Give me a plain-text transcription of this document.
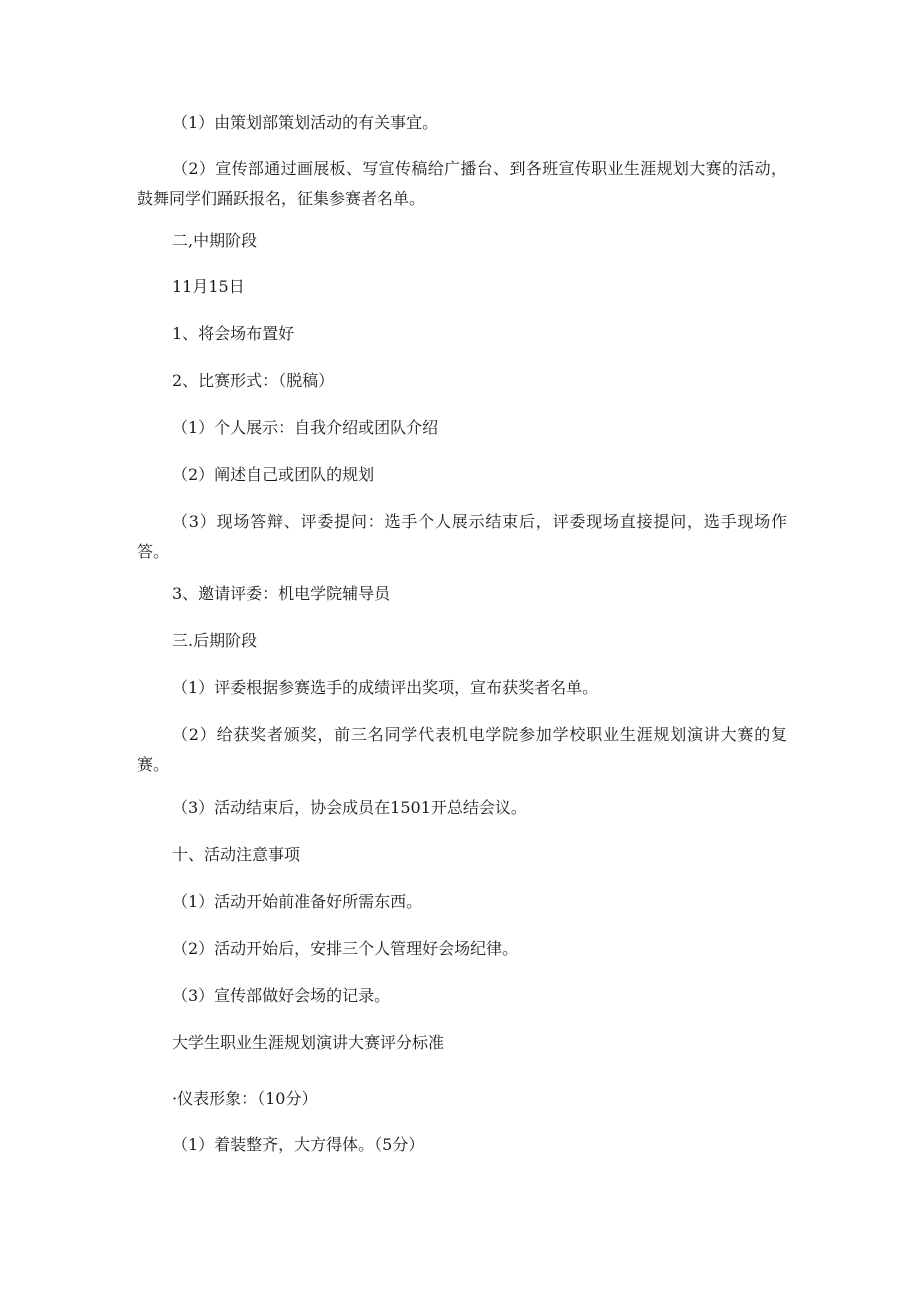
（1）由策划部策划活动的有关事宜。

（2）宣传部通过画展板、写宣传稿给广播台、到各班宣传职业生涯规划大赛的活动，鼓舞同学们踊跃报名，征集参赛者名单。

二,中期阶段

11月15日

1、将会场布置好

2、比赛形式：（脱稿）

（1）个人展示：自我介绍或团队介绍

（2）阐述自己或团队的规划

（3）现场答辩、评委提问：选手个人展示结束后，评委现场直接提问，选手现场作答。

3、邀请评委：机电学院辅导员

三.后期阶段

（1）评委根据参赛选手的成绩评出奖项，宣布获奖者名单。

（2）给获奖者颁奖，前三名同学代表机电学院参加学校职业生涯规划演讲大赛的复赛。

（3）活动结束后，协会成员在1501开总结会议。

十、活动注意事项

（1）活动开始前准备好所需东西。

（2）活动开始后，安排三个人管理好会场纪律。

（3）宣传部做好会场的记录。

大学生职业生涯规划演讲大赛评分标准

·仪表形象：（10分）

（1）着装整齐，大方得体。（5分）
